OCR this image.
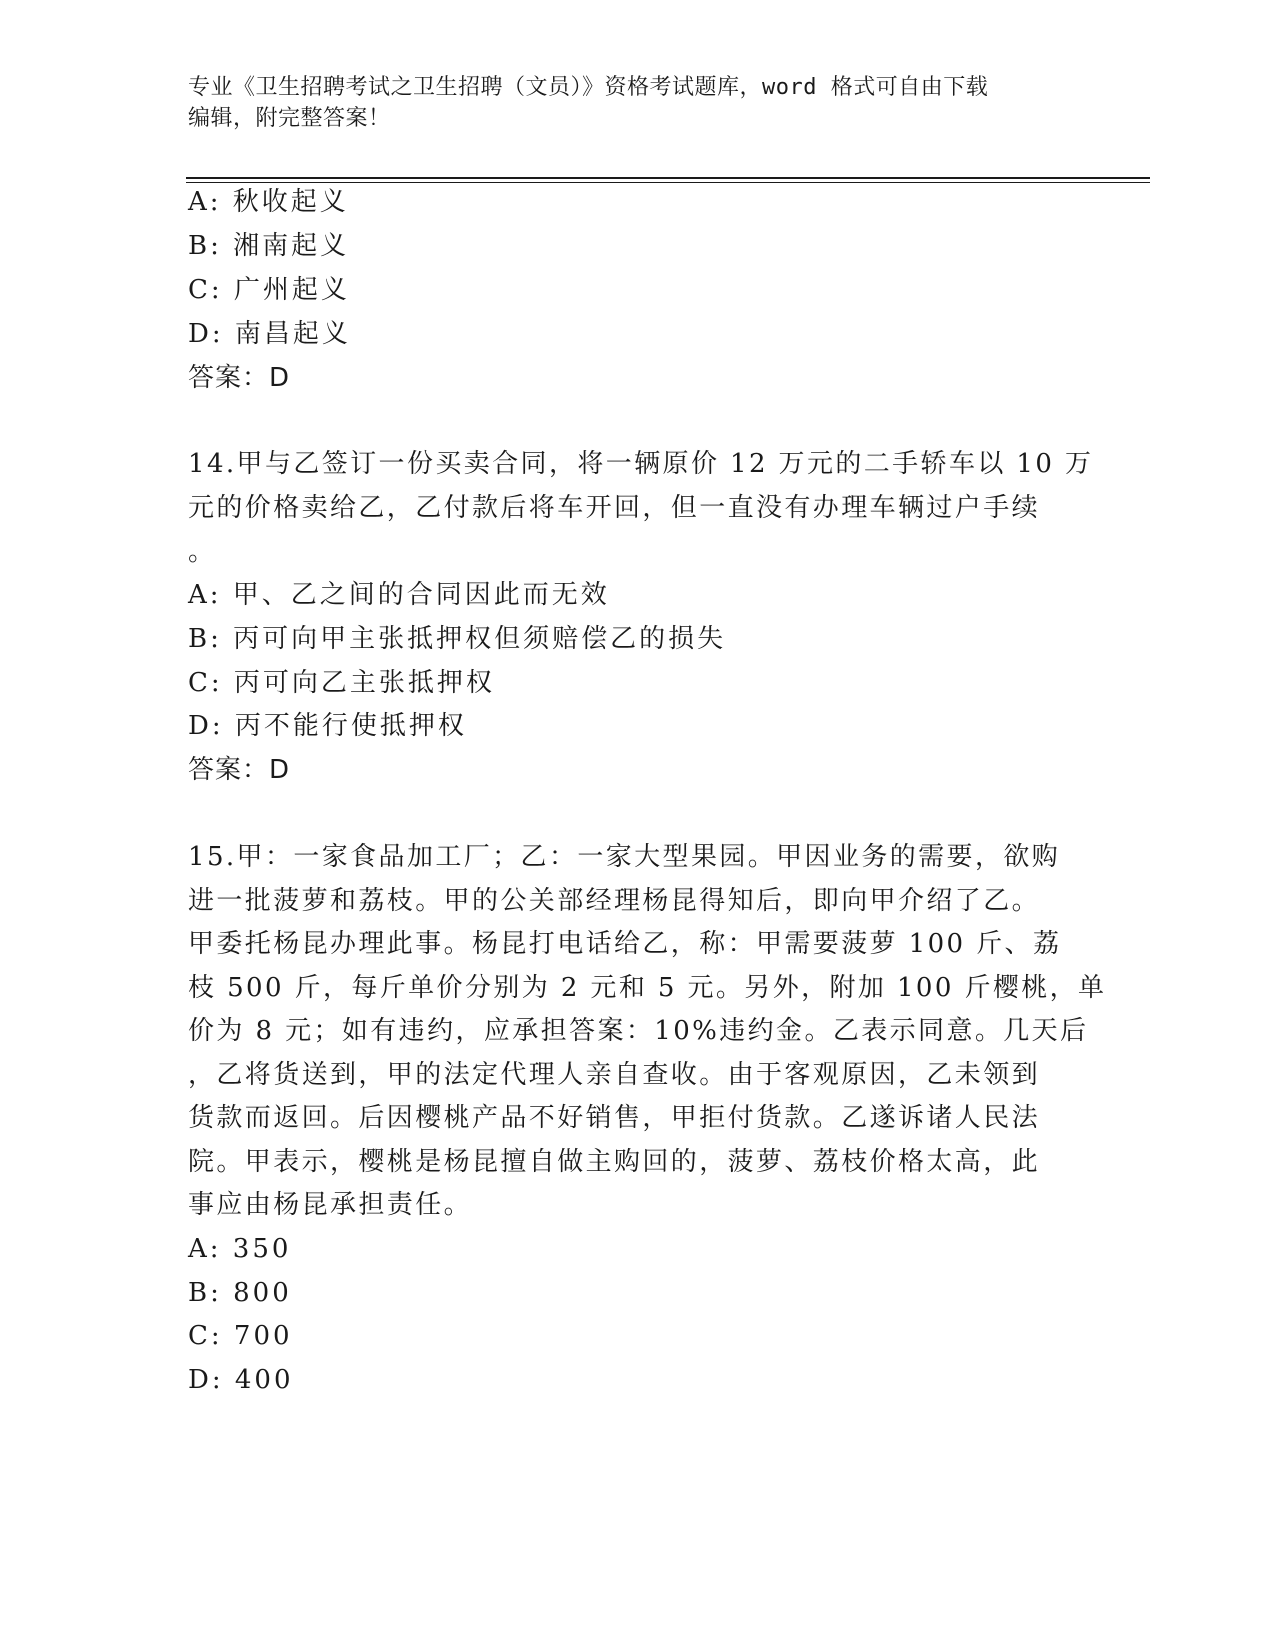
专业《卫生招聘考试之卫生招聘（文员）》资格考试题库，word 格式可自由下载
编辑，附完整答案！
A: 秋收起义
B: 湘南起义
C: 广州起义
D: 南昌起义
答案：D
14.甲与乙签订一份买卖合同，将一辆原价 12 万元的二手轿车以 10 万
元的价格卖给乙，乙付款后将车开回，但一直没有办理车辆过户手续
。
A: 甲、乙之间的合同因此而无效
B: 丙可向甲主张抵押权但须赔偿乙的损失
C: 丙可向乙主张抵押权
D: 丙不能行使抵押权
答案：D
15.甲：一家食品加工厂；乙：一家大型果园。甲因业务的需要，欲购
进一批菠萝和荔枝。甲的公关部经理杨昆得知后，即向甲介绍了乙。
甲委托杨昆办理此事。杨昆打电话给乙，称：甲需要菠萝 100 斤、荔
枝 500 斤，每斤单价分别为 2 元和 5 元。另外，附加 100 斤樱桃，单
价为 8 元；如有违约，应承担答案：10%违约金。乙表示同意。几天后
，乙将货送到，甲的法定代理人亲自查收。由于客观原因，乙未领到
货款而返回。后因樱桃产品不好销售，甲拒付货款。乙遂诉诸人民法
院。甲表示，樱桃是杨昆擅自做主购回的，菠萝、荔枝价格太高，此
事应由杨昆承担责任。
A: 350
B: 800
C: 700
D: 400
